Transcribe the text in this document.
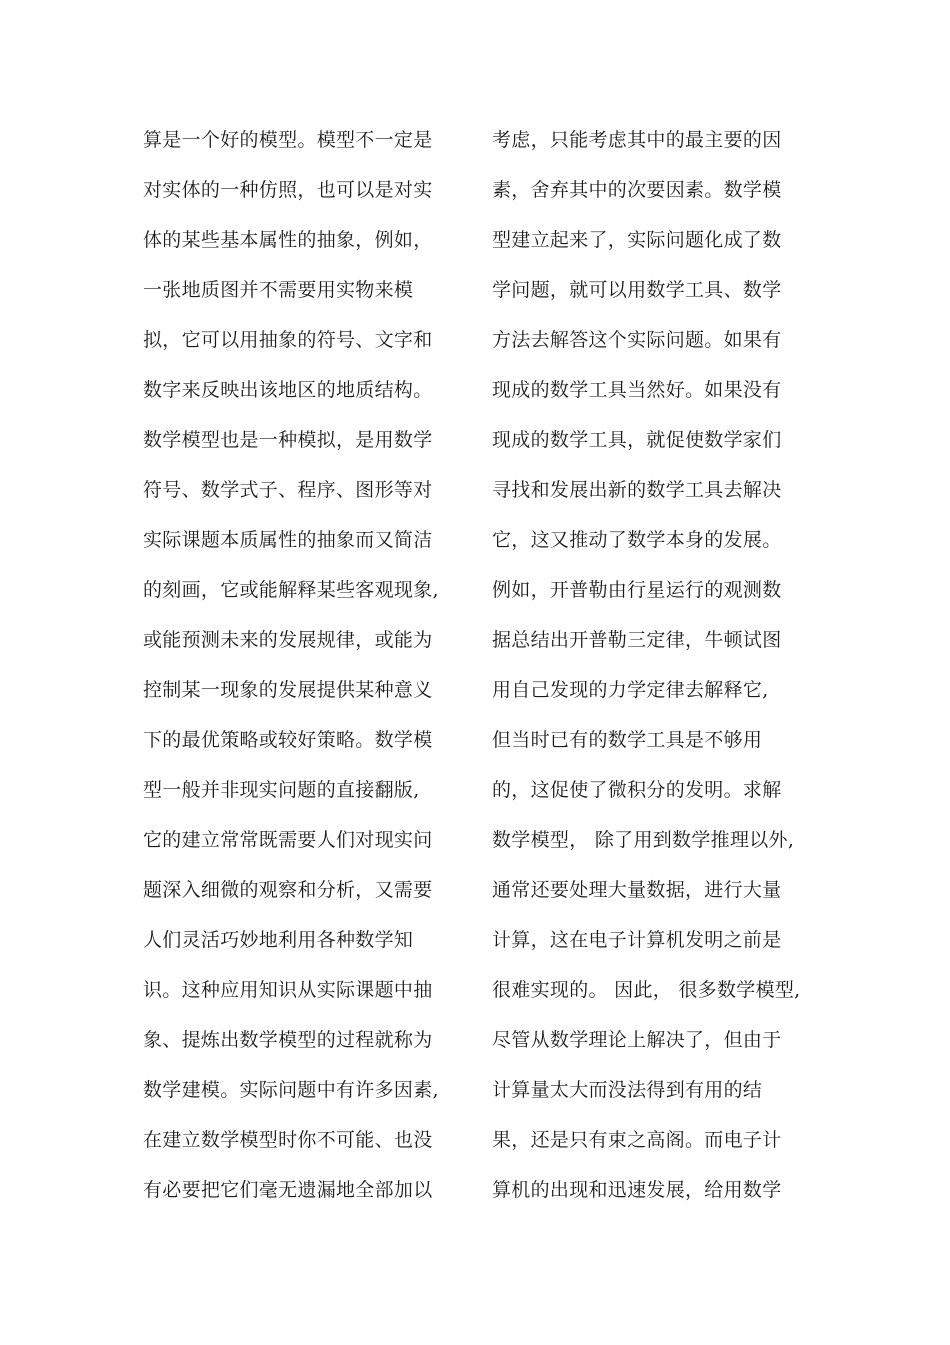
算是一个好的模型。模型不一定是
对实体的一种仿照，也可以是对实
体的某些基本属性的抽象，例如，
一张地质图并不需要用实物来模
拟，它可以用抽象的符号、文字和
数字来反映出该地区的地质结构。
数学模型也是一种模拟，是用数学
符号、数学式子、程序、图形等对
实际课题本质属性的抽象而又简洁
的刻画，它或能解释某些客观现象,
或能预测未来的发展规律，或能为
控制某一现象的发展提供某种意义
下的最优策略或较好策略。数学模
型一般并非现实问题的直接翻版,
它的建立常常既需要人们对现实问
题深入细微的观察和分析，又需要
人们灵活巧妙地利用各种数学知
识。这种应用知识从实际课题中抽
象、提炼出数学模型的过程就称为
数学建模。实际问题中有许多因素,
在建立数学模型时你不可能、也没
有必要把它们毫无遗漏地全部加以
考虑，只能考虑其中的最主要的因
素，舍弃其中的次要因素。数学模
型建立起来了，实际问题化成了数
学问题，就可以用数学工具、数学
方法去解答这个实际问题。如果有
现成的数学工具当然好。如果没有
现成的数学工具，就促使数学家们
寻找和发展出新的数学工具去解决
它，这又推动了数学本身的发展。
例如，开普勒由行星运行的观测数
据总结出开普勒三定律，牛顿试图
用自己发现的力学定律去解释它,
但当时已有的数学工具是不够用
的，这促使了微积分的发明。求解
数学模型， 除了用到数学推理以外,
通常还要处理大量数据，进行大量
计算，这在电子计算机发明之前是
很难实现的。 因此， 很多数学模型,
尽管从数学理论上解决了，但由于
计算量太大而没法得到有用的结
果，还是只有束之高阁。而电子计
算机的出现和迅速发展，给用数学
